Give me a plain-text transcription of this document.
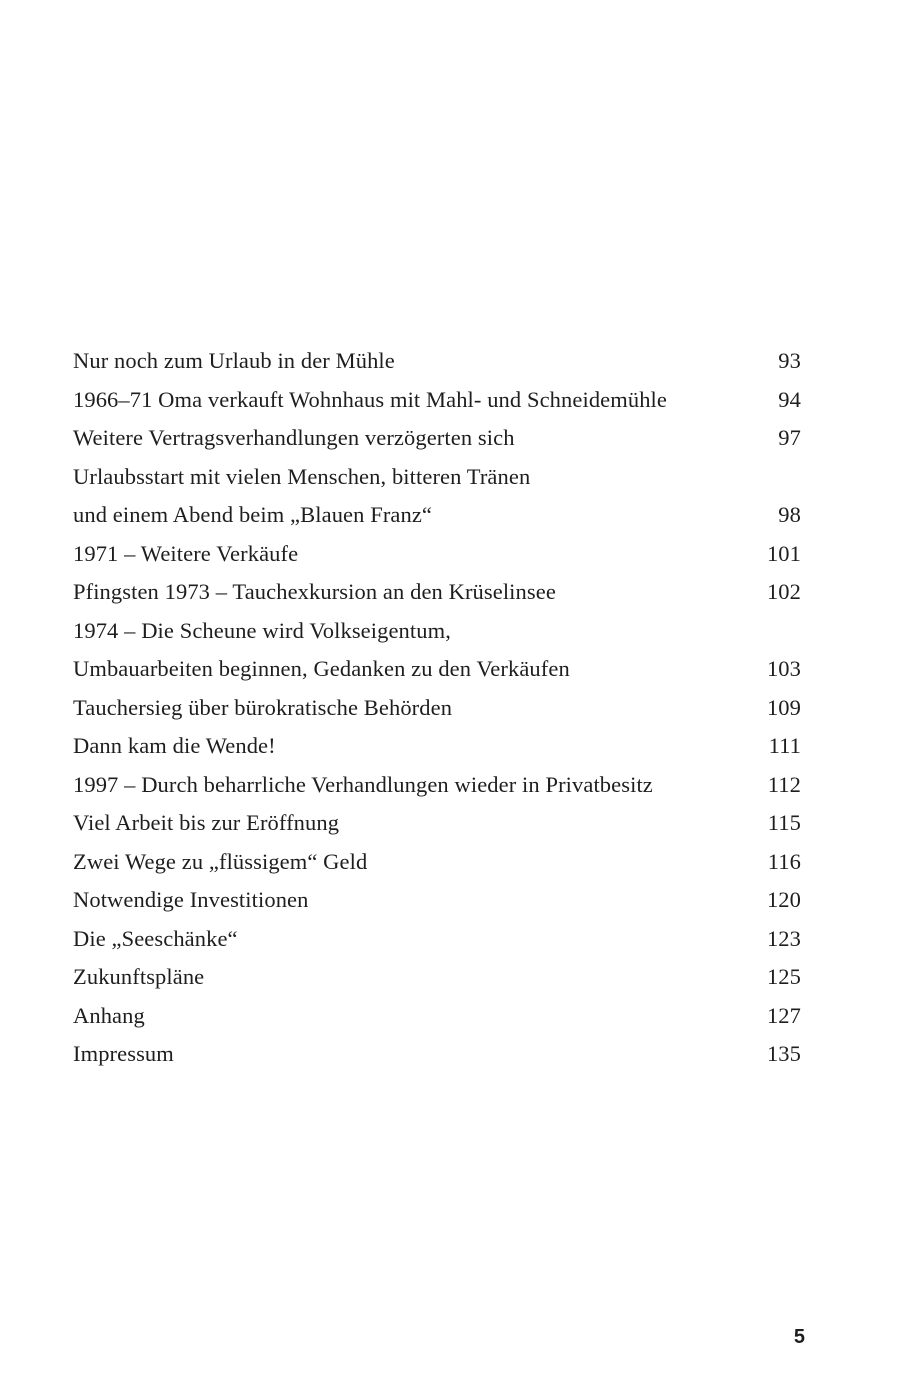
Nur noch zum Urlaub in der Mühle	93
1966–71 Oma verkauft Wohnhaus mit Mahl- und Schneidemühle	94
Weitere Vertragsverhandlungen verzögerten sich	97
Urlaubsstart mit vielen Menschen, bitteren Tränen
und einem Abend beim „Blauen Franz“	98
1971 – Weitere Verkäufe	101
Pfingsten 1973 – Tauchexkursion an den Krüselinsee	102
1974 – Die Scheune wird Volkseigentum,
Umbauarbeiten beginnen, Gedanken zu den Verkäufen	103
Tauchersieg über bürokratische Behörden	109
Dann kam die Wende!	111
1997 – Durch beharrliche Verhandlungen wieder in Privatbesitz	112
Viel Arbeit bis zur Eröffnung	115
Zwei Wege zu „flüssigem“ Geld	116
Notwendige Investitionen	120
Die „Seeschänke“	123
Zukunftspläne	125
Anhang	127
Impressum	135
5
